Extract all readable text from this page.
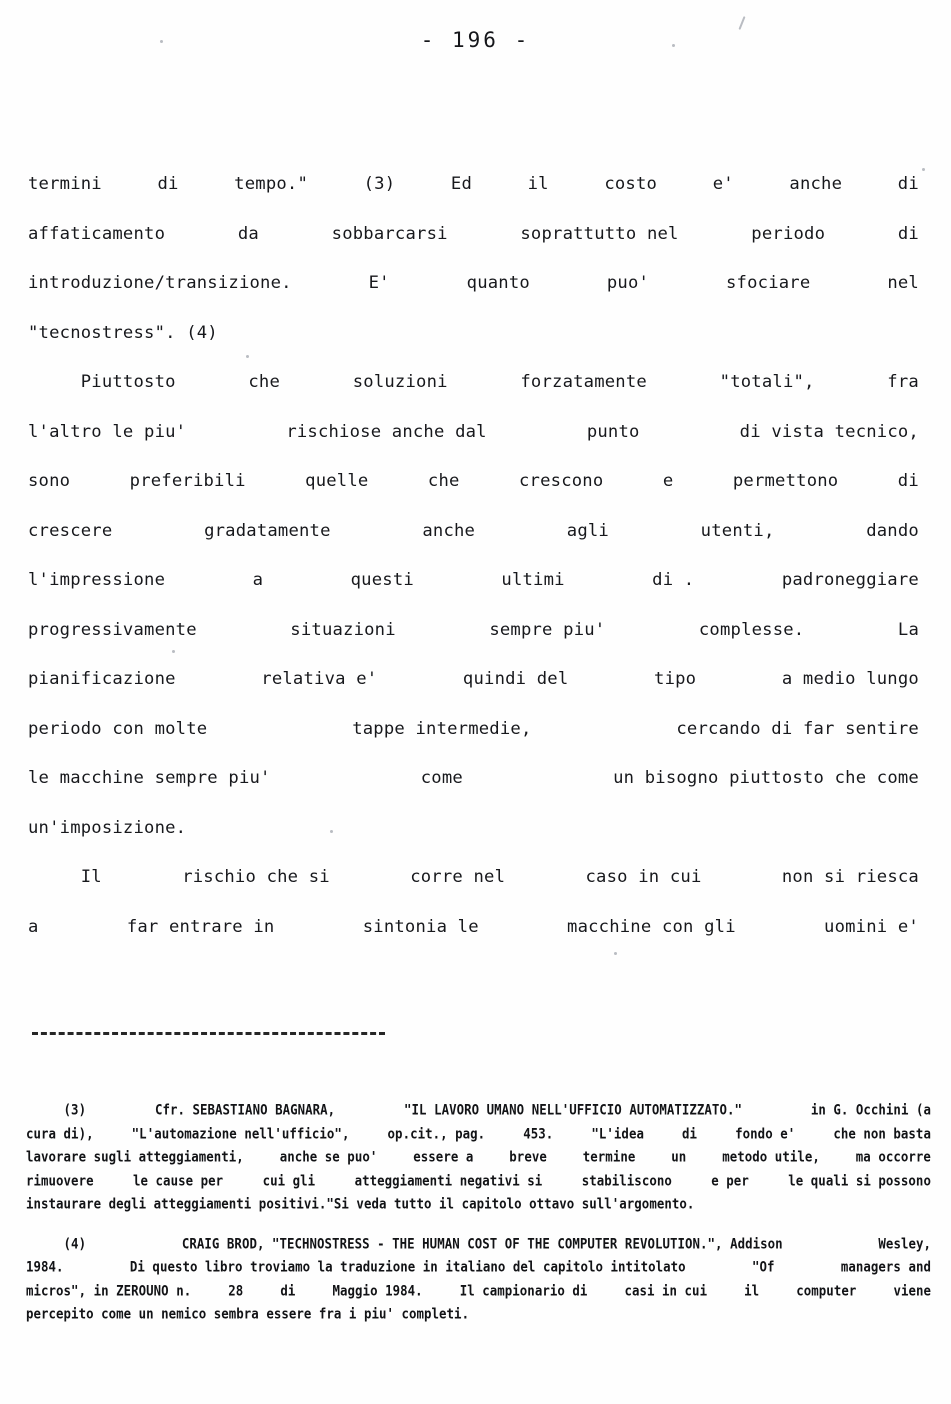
- 196 -
termini	di	tempo."	(3)	Ed	il	costo	e'	anche	di
affaticamento	da	sobbarcarsi	soprattutto nel	periodo	di
introduzione/transizione.	E'	quanto	puo'	sfociare	nel
"tecnostress". (4)
Piuttosto	che	soluzioni	forzatamente	"totali",	fra
l'altro le piu'	rischiose anche dal	punto	di vista tecnico,
sono	preferibili	quelle	che	crescono	e	permettono	di
crescere	gradatamente	anche	agli	utenti,	dando
l'impressione	a	questi	ultimi	di .	padroneggiare
progressivamente	situazioni	sempre piu'	complesse.	La
pianificazione	relativa e'	quindi del	tipo	a medio lungo
periodo con molte	tappe intermedie,	cercando di far sentire
le macchine sempre piu'	come	un bisogno piuttosto che come
un'imposizione.
Il	rischio che si	corre nel	caso in cui	non si riesca
a	far entrare in	sintonia le	macchine con gli	uomini e'
(3)	Cfr. SEBASTIANO BAGNARA,	"IL LAVORO UMANO NELL'UFFICIO AUTOMATIZZATO."	in G. Occhini (a
cura di),	"L'automazione nell'ufficio",	op.cit., pag.	453.	"L'idea	di	fondo e'	che non basta
lavorare sugli atteggiamenti,	anche se puo'	essere a	breve	termine	un	metodo utile,	ma occorre
rimuovere	le cause per	cui gli	atteggiamenti negativi si	stabiliscono	e per	le quali si possono
instaurare degli atteggiamenti positivi." Si veda tutto il capitolo ottavo sull'argomento.
(4)	CRAIG BROD, "TECHNOSTRESS - THE HUMAN COST OF THE COMPUTER REVOLUTION.", Addison	Wesley,
1984.	Di questo libro troviamo la traduzione in italiano del capitolo intitolato	"Of	managers and
micros", in ZEROUNO n.	28	di	Maggio 1984.	Il campionario di	casi in cui	il	computer	viene
percepito come un nemico sembra essere fra i piu' completi.
